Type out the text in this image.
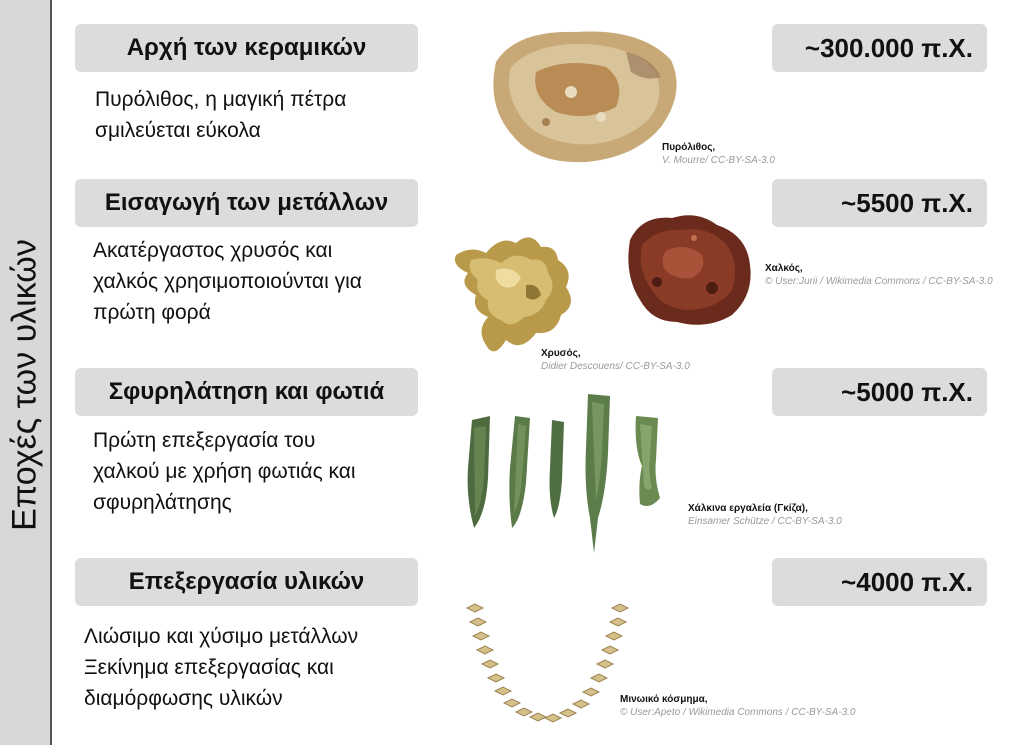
Εποχές των υλικών
Αρχή των κεραμικών	~300.000 π.Χ.
Πυρόλιθος, η μαγική πέτρα
σμιλεύεται εύκολα
Πυρόλιθος,
V. Mourre/ CC-BY-SA-3.0
Εισαγωγή των μετάλλων	~5500 π.Χ.
Ακατέργαστος χρυσός και
χαλκός χρησιμοποιούνται για
πρώτη φορά
Χαλκός,
© User:Jurii / Wikimedia Commons / CC-BY-SA-3.0
Χρυσός,
Didier Descouens/ CC-BY-SA-3.0
Σφυρηλάτηση και φωτιά	~5000 π.Χ.
Πρώτη επεξεργασία του
χαλκού με χρήση φωτιάς και
σφυρηλάτησης	Χάλκινα εργαλεία (Γκίζα),
Einsamer Schütze / CC-BY-SA-3.0
Επεξεργασία υλικών	~4000 π.Χ.
Λιώσιμο και χύσιμο μετάλλων
Ξεκίνημα επεξεργασίας και
διαμόρφωσης υλικών	Μινωικό κόσμημα,
© User:Apeto / Wikimedia Commons / CC-BY-SA-3.0
